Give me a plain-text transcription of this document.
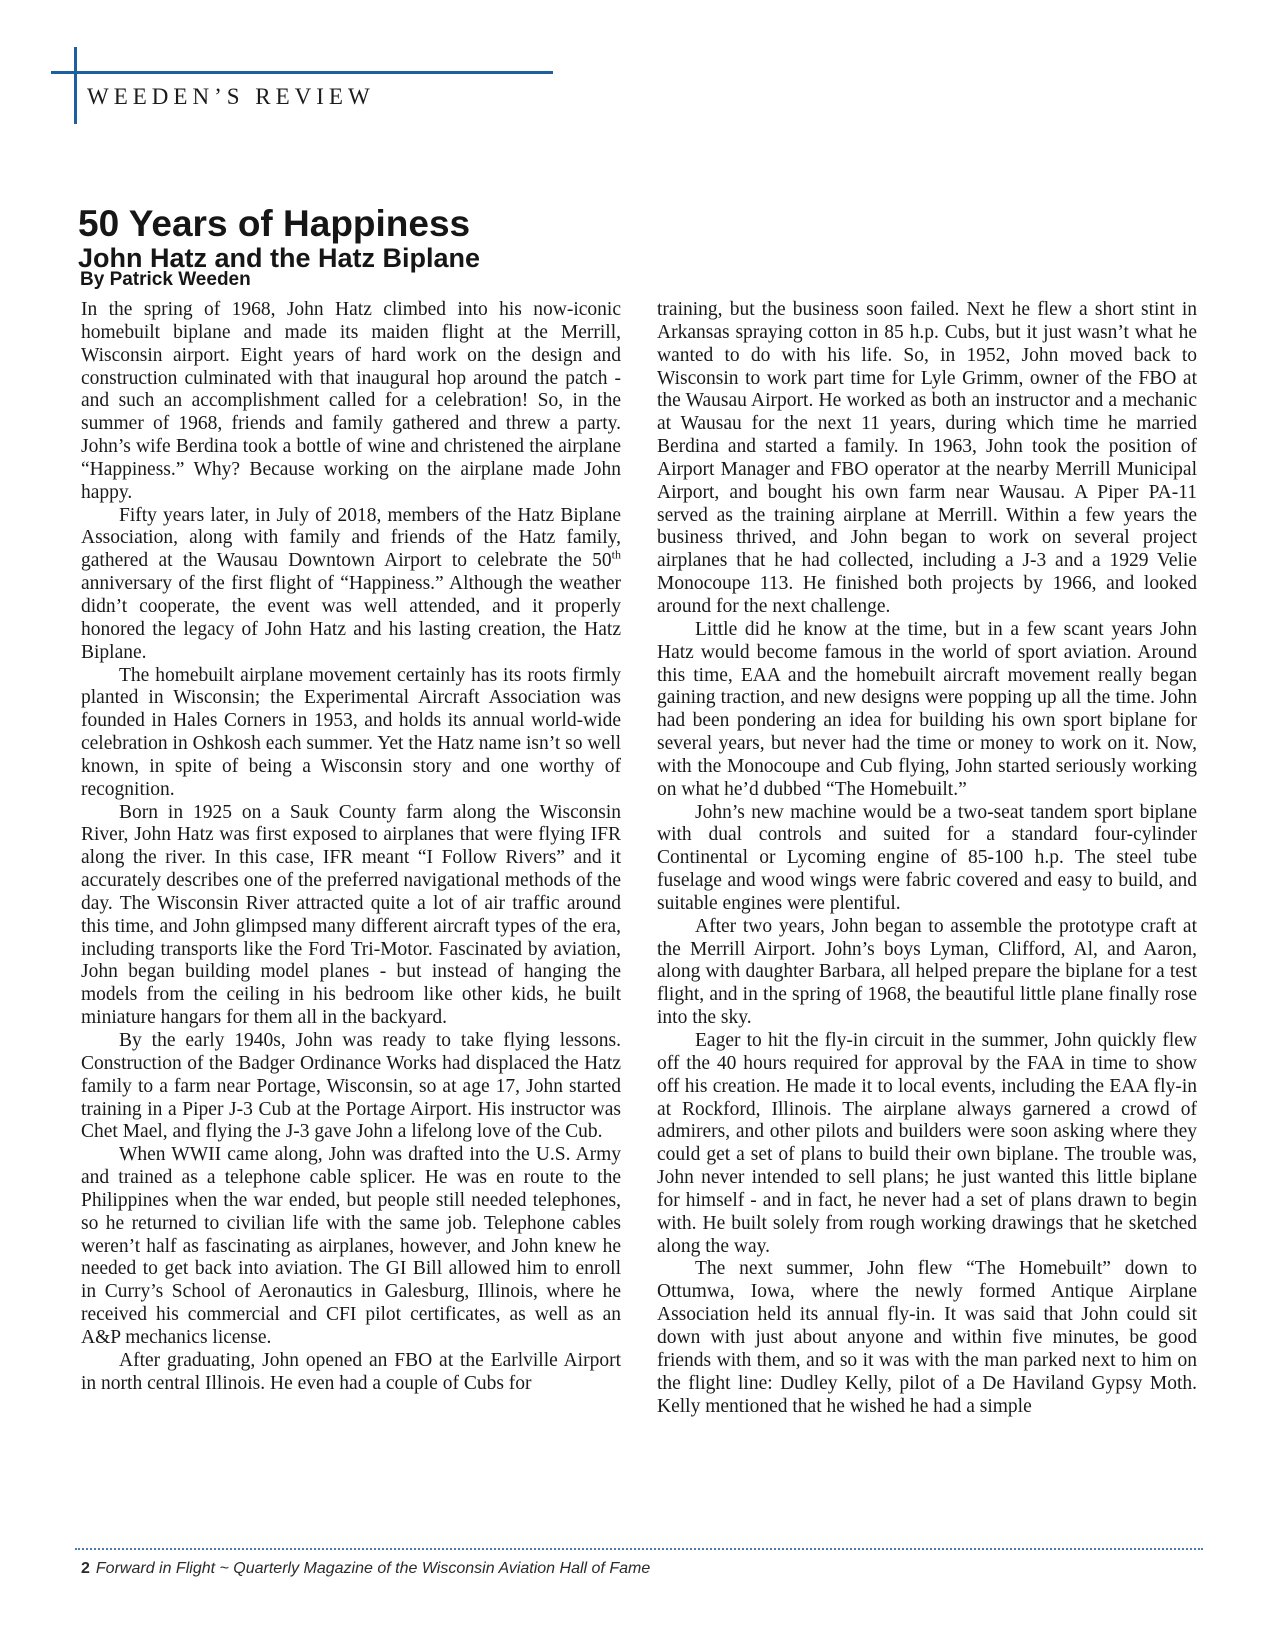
WEEDEN’S REVIEW
50 Years of Happiness
John Hatz and the Hatz Biplane
By Patrick Weeden

In the spring of 1968, John Hatz climbed into his now-iconic homebuilt biplane and made its maiden flight at the Merrill, Wisconsin airport. Eight years of hard work on the design and construction culminated with that inaugural hop around the patch - and such an accomplishment called for a celebration! So, in the summer of 1968, friends and family gathered and threw a party. John’s wife Berdina took a bottle of wine and christened the airplane “Happiness.” Why? Because working on the airplane made John happy.

Fifty years later, in July of 2018, members of the Hatz Biplane Association, along with family and friends of the Hatz family, gathered at the Wausau Downtown Airport to celebrate the 50th anniversary of the first flight of “Happiness.” Although the weather didn’t cooperate, the event was well attended, and it properly honored the legacy of John Hatz and his lasting creation, the Hatz Biplane.

The homebuilt airplane movement certainly has its roots firmly planted in Wisconsin; the Experimental Aircraft Association was founded in Hales Corners in 1953, and holds its annual world-wide celebration in Oshkosh each summer. Yet the Hatz name isn’t so well known, in spite of being a Wisconsin story and one worthy of recognition.

Born in 1925 on a Sauk County farm along the Wisconsin River, John Hatz was first exposed to airplanes that were flying IFR along the river. In this case, IFR meant “I Follow Rivers” and it accurately describes one of the preferred navigational methods of the day. The Wisconsin River attracted quite a lot of air traffic around this time, and John glimpsed many different aircraft types of the era, including transports like the Ford Tri-Motor. Fascinated by aviation, John began building model planes - but instead of hanging the models from the ceiling in his bedroom like other kids, he built miniature hangars for them all in the backyard.

By the early 1940s, John was ready to take flying lessons. Construction of the Badger Ordinance Works had displaced the Hatz family to a farm near Portage, Wisconsin, so at age 17, John started training in a Piper J-3 Cub at the Portage Airport. His instructor was Chet Mael, and flying the J-3 gave John a lifelong love of the Cub.

When WWII came along, John was drafted into the U.S. Army and trained as a telephone cable splicer. He was en route to the Philippines when the war ended, but people still needed telephones, so he returned to civilian life with the same job. Telephone cables weren’t half as fascinating as airplanes, however, and John knew he needed to get back into aviation. The GI Bill allowed him to enroll in Curry’s School of Aeronautics in Galesburg, Illinois, where he received his commercial and CFI pilot certificates, as well as an A&P mechanics license.

After graduating, John opened an FBO at the Earlville Airport in north central Illinois. He even had a couple of Cubs for

training, but the business soon failed. Next he flew a short stint in Arkansas spraying cotton in 85 h.p. Cubs, but it just wasn’t what he wanted to do with his life. So, in 1952, John moved back to Wisconsin to work part time for Lyle Grimm, owner of the FBO at the Wausau Airport. He worked as both an instructor and a mechanic at Wausau for the next 11 years, during which time he married Berdina and started a family. In 1963, John took the position of Airport Manager and FBO operator at the nearby Merrill Municipal Airport, and bought his own farm near Wausau. A Piper PA-11 served as the training airplane at Merrill. Within a few years the business thrived, and John began to work on several project airplanes that he had collected, including a J-3 and a 1929 Velie Monocoupe 113. He finished both projects by 1966, and looked around for the next challenge.

Little did he know at the time, but in a few scant years John Hatz would become famous in the world of sport aviation. Around this time, EAA and the homebuilt aircraft movement really began gaining traction, and new designs were popping up all the time. John had been pondering an idea for building his own sport biplane for several years, but never had the time or money to work on it. Now, with the Monocoupe and Cub flying, John started seriously working on what he’d dubbed “The Homebuilt.”

John’s new machine would be a two-seat tandem sport biplane with dual controls and suited for a standard four-cylinder Continental or Lycoming engine of 85-100 h.p. The steel tube fuselage and wood wings were fabric covered and easy to build, and suitable engines were plentiful.

After two years, John began to assemble the prototype craft at the Merrill Airport. John’s boys Lyman, Clifford, Al, and Aaron, along with daughter Barbara, all helped prepare the biplane for a test flight, and in the spring of 1968, the beautiful little plane finally rose into the sky.

Eager to hit the fly-in circuit in the summer, John quickly flew off the 40 hours required for approval by the FAA in time to show off his creation. He made it to local events, including the EAA fly-in at Rockford, Illinois. The airplane always garnered a crowd of admirers, and other pilots and builders were soon asking where they could get a set of plans to build their own biplane. The trouble was, John never intended to sell plans; he just wanted this little biplane for himself - and in fact, he never had a set of plans drawn to begin with. He built solely from rough working drawings that he sketched along the way.

The next summer, John flew “The Homebuilt” down to Ottumwa, Iowa, where the newly formed Antique Airplane Association held its annual fly-in. It was said that John could sit down with just about anyone and within five minutes, be good friends with them, and so it was with the man parked next to him on the flight line: Dudley Kelly, pilot of a De Haviland Gypsy Moth. Kelly mentioned that he wished he had a simple

2 Forward in Flight ~ Quarterly Magazine of the Wisconsin Aviation Hall of Fame
